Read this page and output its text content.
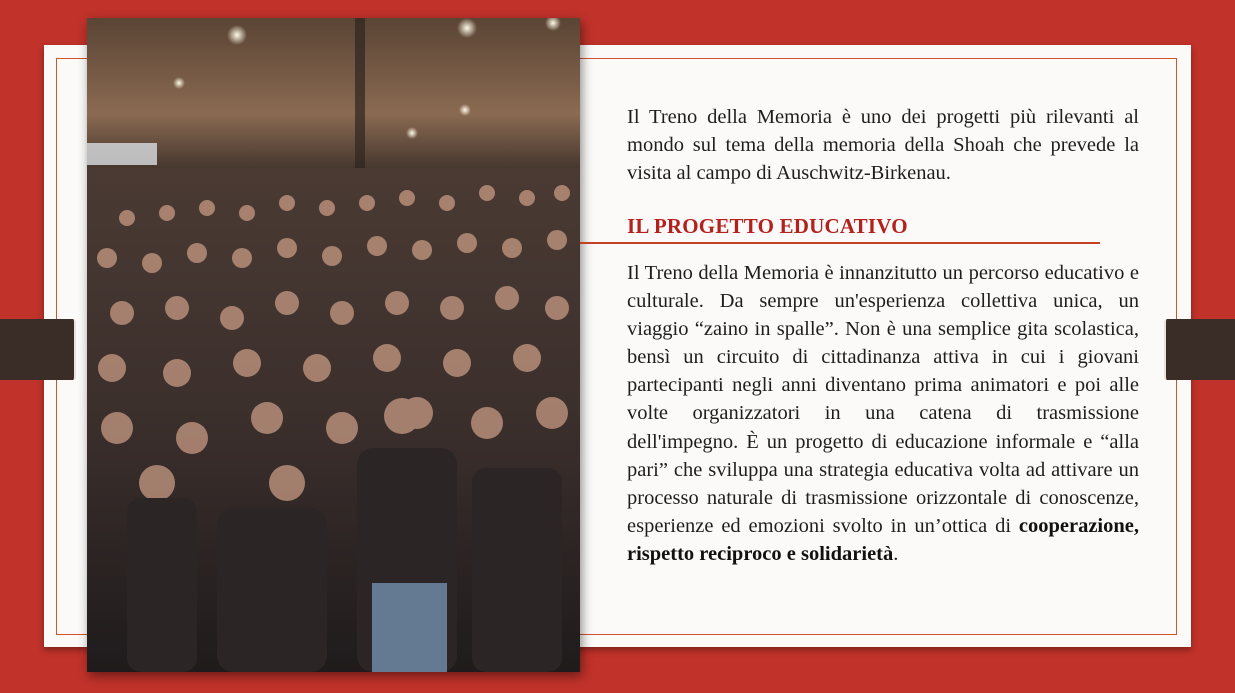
Il Treno della Memoria è uno dei progetti più rilevanti al mondo sul tema della memoria della Shoah che prevede la visita al campo di Auschwitz-Birkenau.

IL PROGETTO EDUCATIVO

Il Treno della Memoria è innanzitutto un percorso educativo e culturale. Da sempre un'esperienza collettiva unica, un viaggio “zaino in spalle”. Non è una semplice gita scolastica, bensì un circuito di cittadinanza attiva in cui i giovani partecipanti negli anni diventano prima animatori e poi alle volte organizzatori in una catena di trasmissione dell'impegno. È un progetto di educazione informale e “alla pari” che sviluppa una strategia educativa volta ad attivare un processo naturale di trasmissione orizzontale di conoscenze, esperienze ed emozioni svolto in un’ottica di cooperazione, rispetto reciproco e solidarietà.
